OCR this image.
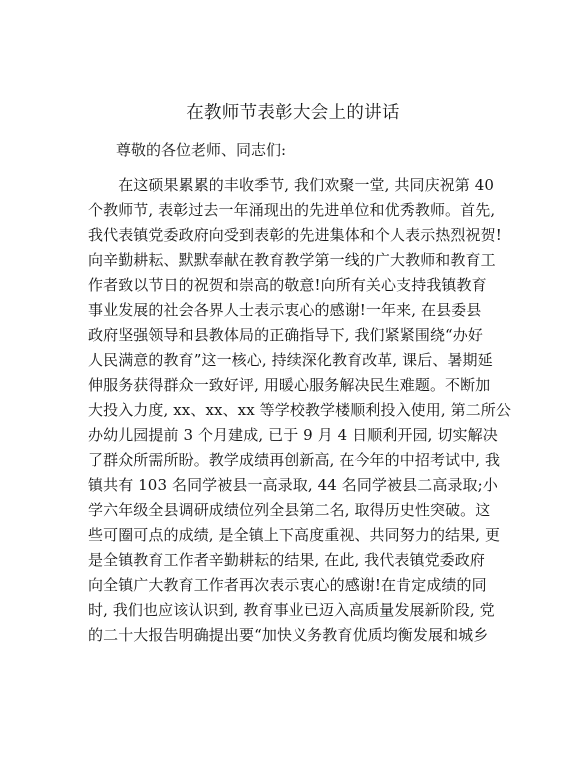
在教师节表彰大会上的讲话
尊敬的各位老师、同志们:
　　在这硕果累累的丰收季节, 我们欢聚一堂, 共同庆祝第 40
个教师节, 表彰过去一年涌现出的先进单位和优秀教师。首先,
我代表镇党委政府向受到表彰的先进集体和个人表示热烈祝贺!
向辛勤耕耘、默默奉献在教育教学第一线的广大教师和教育工
作者致以节日的祝贺和崇高的敬意!向所有关心支持我镇教育
事业发展的社会各界人士表示衷心的感谢!一年来, 在县委县
政府坚强领导和县教体局的正确指导下, 我们紧紧围绕“办好
人民满意的教育”这一核心, 持续深化教育改革, 课后、暑期延
伸服务获得群众一致好评, 用暖心服务解决民生难题。不断加
大投入力度, xx、xx、xx 等学校教学楼顺利投入使用, 第二所公
办幼儿园提前 3 个月建成, 已于 9 月 4 日顺利开园, 切实解决
了群众所需所盼。教学成绩再创新高, 在今年的中招考试中, 我
镇共有 103 名同学被县一高录取, 44 名同学被县二高录取;小
学六年级全县调研成绩位列全县第二名, 取得历史性突破。这
些可圈可点的成绩, 是全镇上下高度重视、共同努力的结果, 更
是全镇教育工作者辛勤耕耘的结果, 在此, 我代表镇党委政府
向全镇广大教育工作者再次表示衷心的感谢!在肯定成绩的同
时, 我们也应该认识到, 教育事业已迈入高质量发展新阶段, 党
的二十大报告明确提出要“加快义务教育优质均衡发展和城乡
